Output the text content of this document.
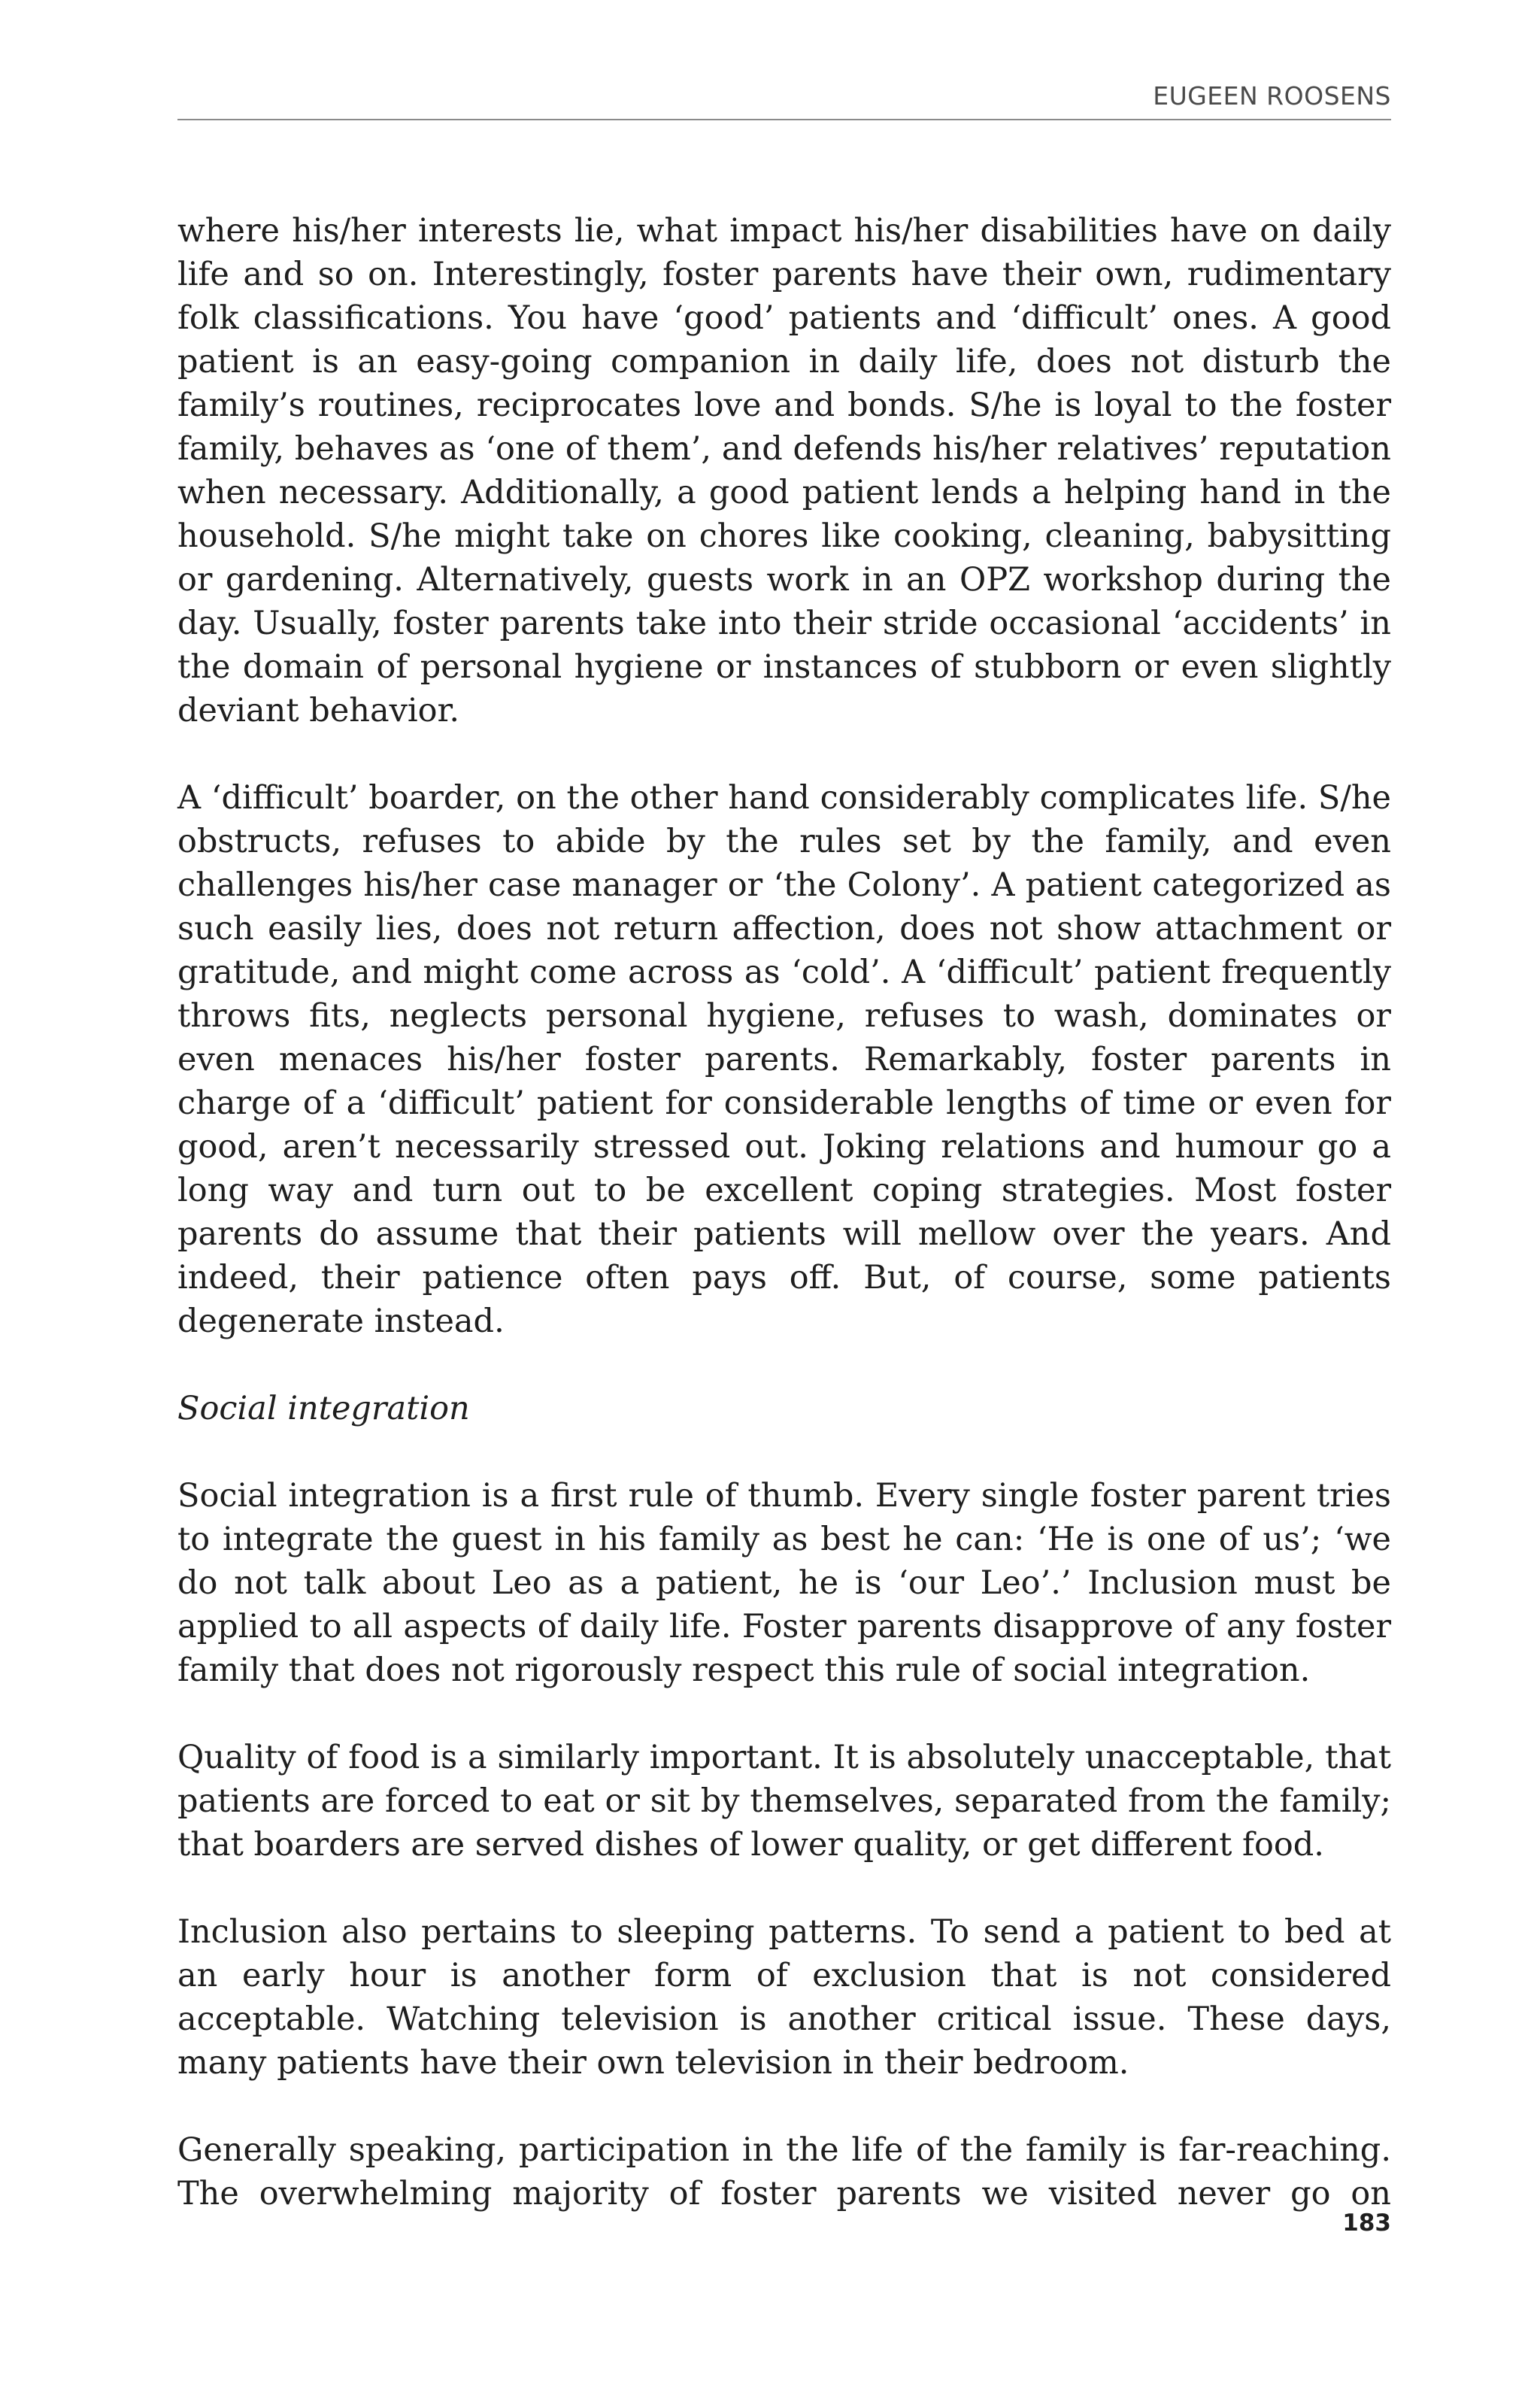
EUGEEN ROOSENS

where his/her interests lie, what impact his/her disabilities have on daily life and so on. Interestingly, foster parents have their own, rudimentary folk classifications. You have ‘good’ patients and ‘difficult’ ones. A good patient is an easy-going companion in daily life, does not disturb the family’s routines, reciprocates love and bonds. S/he is loyal to the foster family, behaves as ‘one of them’, and defends his/her relatives’ reputation when necessary. Additionally, a good patient lends a helping hand in the household. S/he might take on chores like cooking, cleaning, babysitting or gardening. Alternatively, guests work in an OPZ workshop during the day. Usually, foster parents take into their stride occasional ‘accidents’ in the domain of personal hygiene or instances of stubborn or even slightly deviant behavior.

A ‘difficult’ boarder, on the other hand considerably complicates life. S/he obstructs, refuses to abide by the rules set by the family, and even challenges his/her case manager or ‘the Colony’. A patient categorized as such easily lies, does not return affection, does not show attachment or gratitude, and might come across as ‘cold’. A ‘difficult’ patient frequently throws fits, neglects personal hygiene, refuses to wash, dominates or even menaces his/her foster parents. Remarkably, foster parents in charge of a ‘difficult’ patient for considerable lengths of time or even for good, aren’t necessarily stressed out. Joking relations and humour go a long way and turn out to be excellent coping strategies. Most foster parents do assume that their patients will mellow over the years. And indeed, their patience often pays off. But, of course, some patients degenerate instead.

Social integration

Social integration is a first rule of thumb. Every single foster parent tries to integrate the guest in his family as best he can: ‘He is one of us’; ‘we do not talk about Leo as a patient, he is ‘our Leo’.’ Inclusion must be applied to all aspects of daily life. Foster parents disapprove of any foster family that does not rigorously respect this rule of social integration.

Quality of food is a similarly important. It is absolutely unacceptable, that patients are forced to eat or sit by themselves, separated from the family; that boarders are served dishes of lower quality, or get different food.

Inclusion also pertains to sleeping patterns. To send a patient to bed at an early hour is another form of exclusion that is not considered acceptable. Watching television is another critical issue. These days, many patients have their own television in their bedroom.

Generally speaking, participation in the life of the family is far-reaching. The overwhelming majority of foster parents we visited never go on

183
